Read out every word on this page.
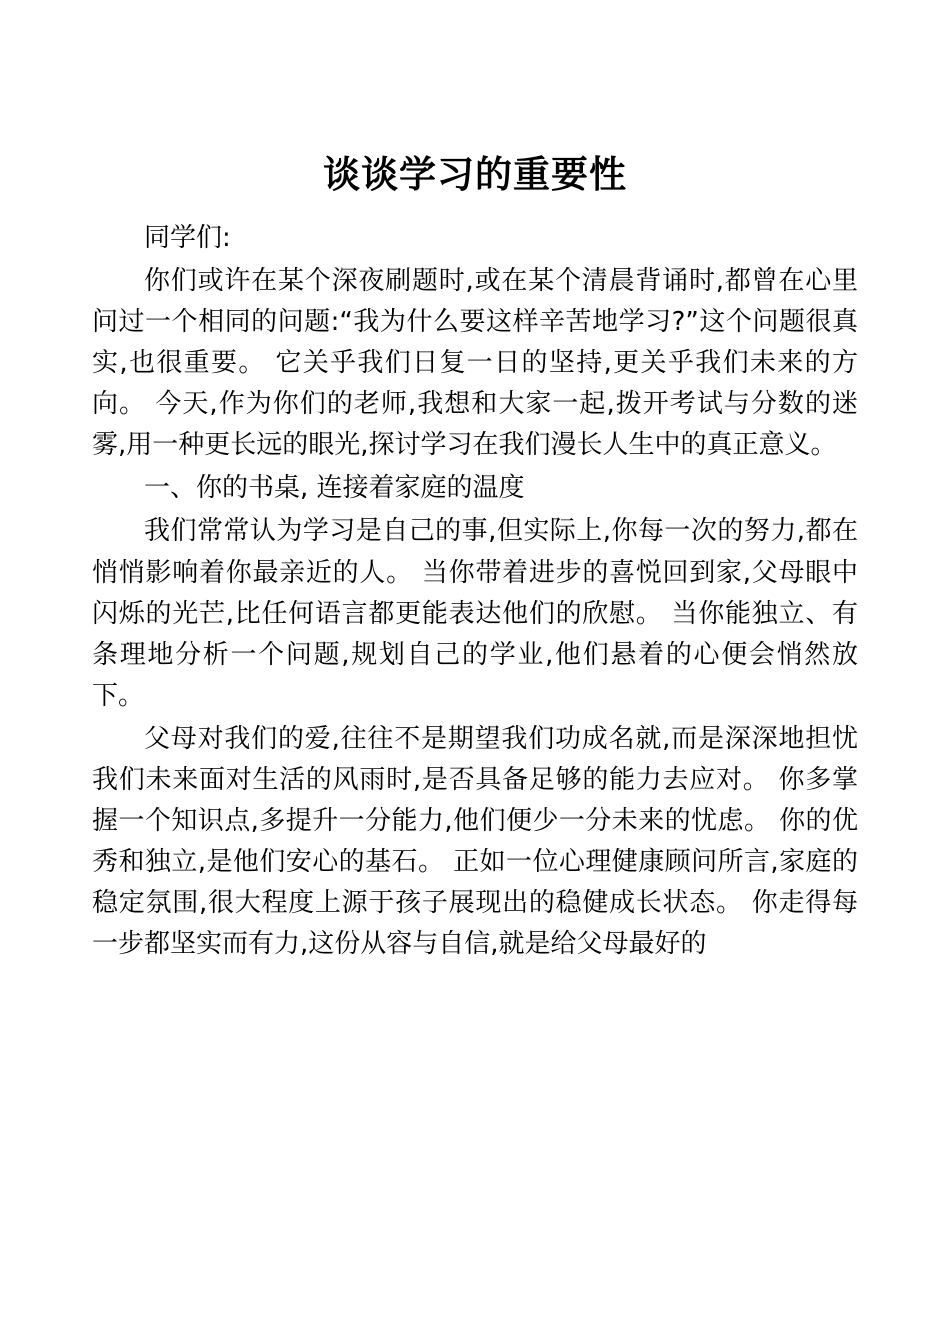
谈谈学习的重要性

同学们:

你们或许在某个深夜刷题时,或在某个清晨背诵时,都曾在心里问过一个相同的问题:“我为什么要这样辛苦地学习?”这个问题很真实,也很重要。 它关乎我们日复一日的坚持,更关乎我们未来的方向。 今天,作为你们的老师,我想和大家一起,拨开考试与分数的迷雾,用一种更长远的眼光,探讨学习在我们漫长人生中的真正意义。

一、你的书桌, 连接着家庭的温度

我们常常认为学习是自己的事,但实际上,你每一次的努力,都在悄悄影响着你最亲近的人。 当你带着进步的喜悦回到家,父母眼中闪烁的光芒,比任何语言都更能表达他们的欣慰。 当你能独立、有条理地分析一个问题,规划自己的学业,他们悬着的心便会悄然放下。

父母对我们的爱,往往不是期望我们功成名就,而是深深地担忧我们未来面对生活的风雨时,是否具备足够的能力去应对。 你多掌握一个知识点,多提升一分能力,他们便少一分未来的忧虑。 你的优秀和独立,是他们安心的基石。 正如一位心理健康顾问所言,家庭的稳定氛围,很大程度上源于孩子展现出的稳健成长状态。 你走得每一步都坚实而有力,这份从容与自信,就是给父母最好的
